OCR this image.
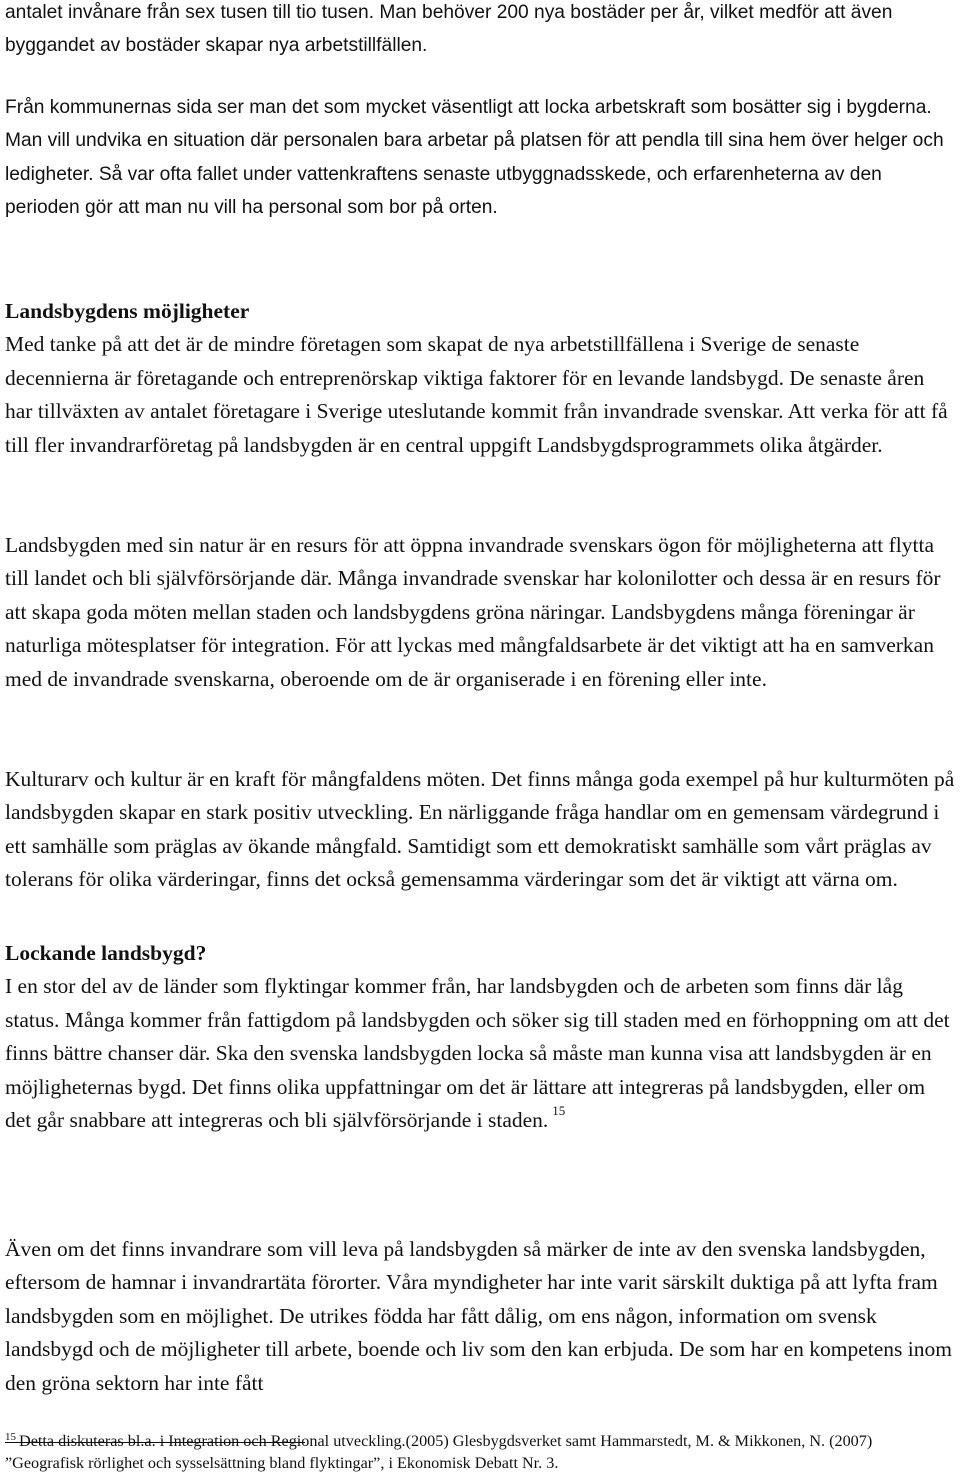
antalet invånare från sex tusen till tio tusen. Man behöver 200 nya bostäder per år, vilket medför att även byggandet av bostäder skapar nya arbetstillfällen.

Från kommunernas sida ser man det som mycket väsentligt att locka arbetskraft som bosätter sig i bygderna. Man vill undvika en situation där personalen bara arbetar på platsen för att pendla till sina hem över helger och ledigheter. Så var ofta fallet under vattenkraftens senaste utbyggnadsskede, och erfarenheterna av den perioden gör att man nu vill ha personal som bor på orten.

Landsbygdens möjligheter

Med tanke på att det är de mindre företagen som skapat de nya arbetstillfällena i Sverige de senaste decennierna är företagande och entreprenörskap viktiga faktorer för en levande landsbygd. De senaste åren har tillväxten av antalet företagare i Sverige uteslutande kommit från invandrade svenskar. Att verka för att få till fler invandrarföretag på landsbygden är en central uppgift Landsbygdsprogrammets olika åtgärder.

Landsbygden med sin natur är en resurs för att öppna invandrade svenskars ögon för möjligheterna att flytta till landet och bli självförsörjande där. Många invandrade svenskar har kolonilotter och dessa är en resurs för att skapa goda möten mellan staden och landsbygdens gröna näringar. Landsbygdens många föreningar är naturliga mötesplatser för integration. För att lyckas med mångfaldsarbete är det viktigt att ha en samverkan med de invandrade svenskarna, oberoende om de är organiserade i en förening eller inte.

Kulturarv och kultur är en kraft för mångfaldens möten. Det finns många goda exempel på hur kulturmöten på landsbygden skapar en stark positiv utveckling. En närliggande fråga handlar om en gemensam värdegrund i ett samhälle som präglas av ökande mångfald. Samtidigt som ett demokratiskt samhälle som vårt präglas av tolerans för olika värderingar, finns det också gemensamma värderingar som det är viktigt att värna om.

Lockande landsbygd?

I en stor del av de länder som flyktingar kommer från, har landsbygden och de arbeten som finns där låg status. Många kommer från fattigdom på landsbygden och söker sig till staden med en förhoppning om att det finns bättre chanser där. Ska den svenska landsbygden locka så måste man kunna visa att landsbygden är en möjligheternas bygd. Det finns olika uppfattningar om det är lättare att integreras på landsbygden, eller om det går snabbare att integreras och bli självförsörjande i staden. $^{15}$

Även om det finns invandrare som vill leva på landsbygden så märker de inte av den svenska landsbygden, eftersom de hamnar i invandrartäta förorter. Våra myndigheter har inte varit särskilt duktiga på att lyfta fram landsbygden som en möjlighet. De utrikes födda har fått dålig, om ens någon, information om svensk landsbygd och de möjligheter till arbete, boende och liv som den kan erbjuda. De som har en kompetens inom den gröna sektorn har inte fått

$^{15}$ Detta diskuteras bl.a. i Integration och Regional utveckling.(2005) Glesbygdsverket samt Hammarstedt, M. & Mikkonen, N. (2007) ”Geografisk rörlighet och sysselsättning bland flyktingar”, i Ekonomisk Debatt Nr. 3.
